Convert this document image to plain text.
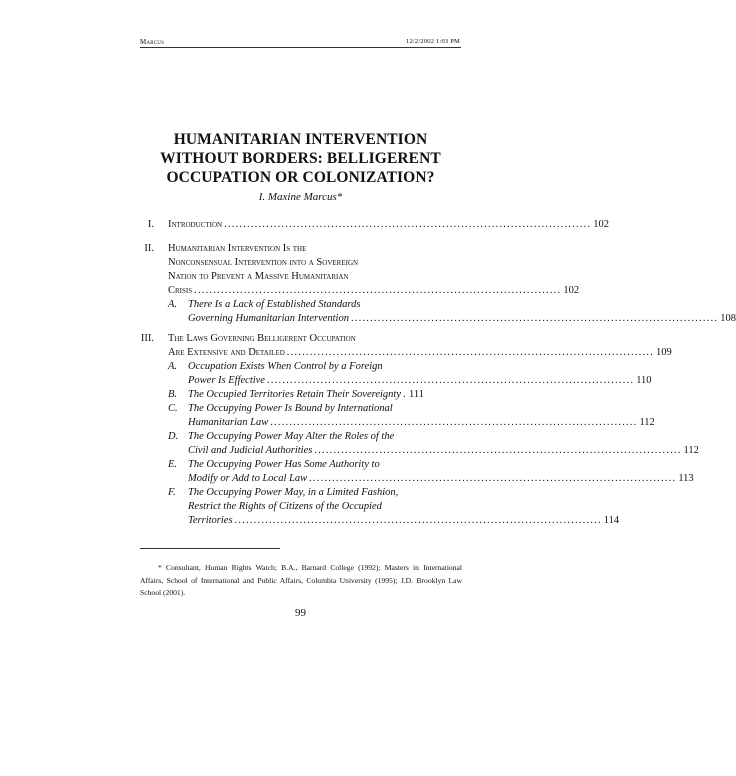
Marcus	12/2/2002 1:03 PM
HUMANITARIAN INTERVENTION
WITHOUT BORDERS: BELLIGERENT
OCCUPATION OR COLONIZATION?
I. Maxine Marcus*
I. Introduction ................................................................................................ 102
II. Humanitarian Intervention Is the
Nonconsensual Intervention into a Sovereign
Nation to Prevent a Massive Humanitarian
Crisis ................................................................................................ 102
A.	There Is a Lack of Established Standards
Governing Humanitarian Intervention ................................................................................................ 108
III. The Laws Governing Belligerent Occupation
Are Extensive and Detailed ................................................................................................ 109
A.	Occupation Exists When Control by a Foreign
Power Is Effective ................................................................................................ 110
B.	The Occupied Territories Retain Their Sovereignty . 111
C. The Occupying Power Is Bound by International
Humanitarian Law ................................................................................................ 112
D. The Occupying Power May Alter the Roles of the
Civil and Judicial Authorities ................................................................................................ 112
E.	The Occupying Power Has Some Authority to
Modify or Add to Local Law ................................................................................................ 113
F.	The Occupying Power May, in a Limited Fashion,
Restrict the Rights of Citizens of the Occupied
Territories ................................................................................................ 114
* Consultant, Human Rights Watch; B.A., Barnard College (1992); Masters in International Affairs, School of International and Public Affairs, Columbia University (1995); J.D. Brooklyn Law School (2001).
99
